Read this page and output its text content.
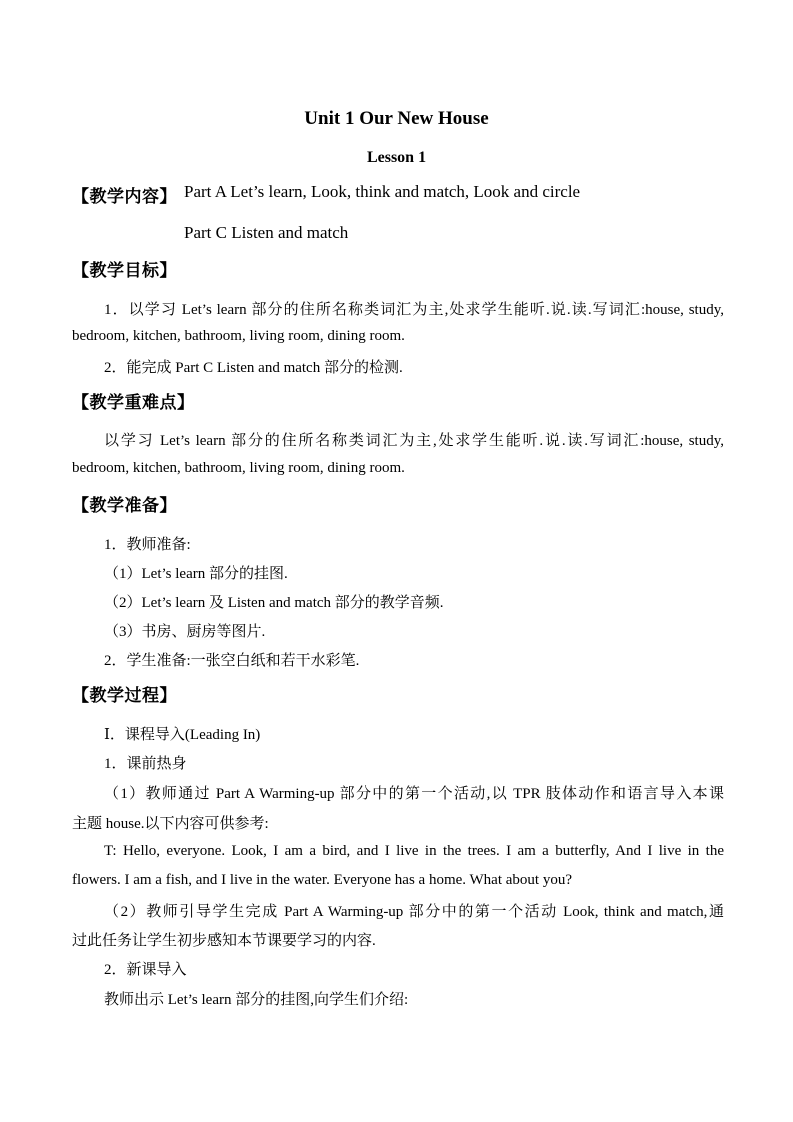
Unit 1 Our New House
Lesson 1
【教学内容】 Part A Let’s learn, Look, think and match, Look and circle
Part C Listen and match
【教学目标】
1．以学习 Let’s learn 部分的住所名称类词汇为主,处求学生能听.说.读.写词汇:house, study,
bedroom, kitchen, bathroom, living room, dining room.
2．能完成 Part C Listen and match 部分的检测.
【教学重难点】
以学习 Let’s learn 部分的住所名称类词汇为主,处求学生能听.说.读.写词汇:house, study,
bedroom, kitchen, bathroom, living room, dining room.
【教学准备】
1．教师准备:
（1）Let’s learn 部分的挂图.
（2）Let’s learn 及 Listen and match 部分的教学音频.
（3）书房、厨房等图片.
2．学生准备:一张空白纸和若干水彩笔.
【教学过程】
Ⅰ．课程导入(Leading In)
1．课前热身
（1）教师通过 Part A Warming-up 部分中的第一个活动,以 TPR 肢体动作和语言导入本课
主题 house.以下内容可供参考:
T: Hello, everyone. Look, I am a bird, and I live in the trees. I am a butterfly, And I live in the
flowers. I am a fish, and I live in the water. Everyone has a home. What about you?
（2）教师引导学生完成 Part A Warming-up 部分中的第一个活动 Look, think and match,通
过此任务让学生初步感知本节课要学习的内容.
2．新课导入
教师出示 Let’s learn 部分的挂图,向学生们介绍:
